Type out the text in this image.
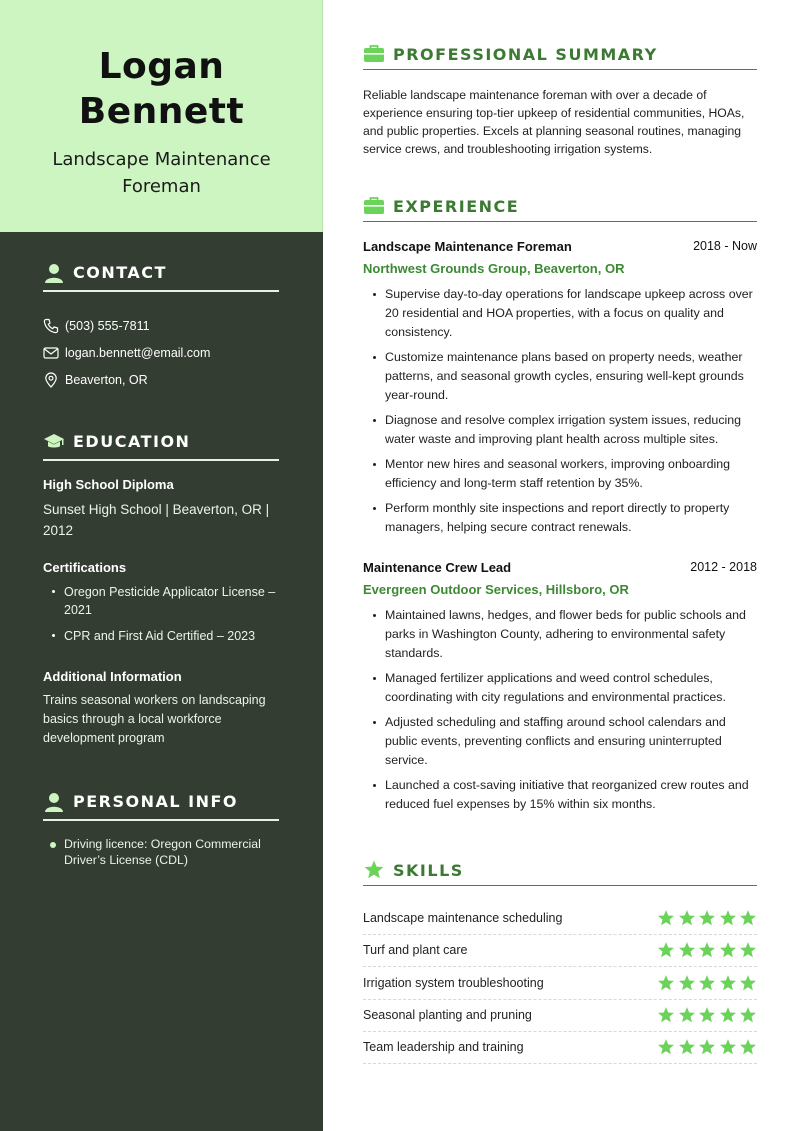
Logan
Bennett
Landscape Maintenance Foreman
CONTACT
(503) 555-7811
logan.bennett@email.com
Beaverton, OR
EDUCATION
High School Diploma
Sunset High School | Beaverton, OR | 2012
Certifications
Oregon Pesticide Applicator License – 2021
CPR and First Aid Certified – 2023
Additional Information
Trains seasonal workers on landscaping basics through a local workforce development program
PERSONAL INFO
Driving licence: Oregon Commercial Driver’s License (CDL)
PROFESSIONAL SUMMARY
Reliable landscape maintenance foreman with over a decade of experience ensuring top-tier upkeep of residential communities, HOAs, and public properties. Excels at planning seasonal routines, managing service crews, and troubleshooting irrigation systems.
EXPERIENCE
Landscape Maintenance Foreman	2018 - Now
Northwest Grounds Group, Beaverton, OR
Supervise day-to-day operations for landscape upkeep across over 20 residential and HOA properties, with a focus on quality and consistency.
Customize maintenance plans based on property needs, weather patterns, and seasonal growth cycles, ensuring well-kept grounds year-round.
Diagnose and resolve complex irrigation system issues, reducing water waste and improving plant health across multiple sites.
Mentor new hires and seasonal workers, improving onboarding efficiency and long-term staff retention by 35%.
Perform monthly site inspections and report directly to property managers, helping secure contract renewals.
Maintenance Crew Lead	2012 - 2018
Evergreen Outdoor Services, Hillsboro, OR
Maintained lawns, hedges, and flower beds for public schools and parks in Washington County, adhering to environmental safety standards.
Managed fertilizer applications and weed control schedules, coordinating with city regulations and environmental practices.
Adjusted scheduling and staffing around school calendars and public events, preventing conflicts and ensuring uninterrupted service.
Launched a cost-saving initiative that reorganized crew routes and reduced fuel expenses by 15% within six months.
SKILLS
Landscape maintenance scheduling
Turf and plant care
Irrigation system troubleshooting
Seasonal planting and pruning
Team leadership and training
